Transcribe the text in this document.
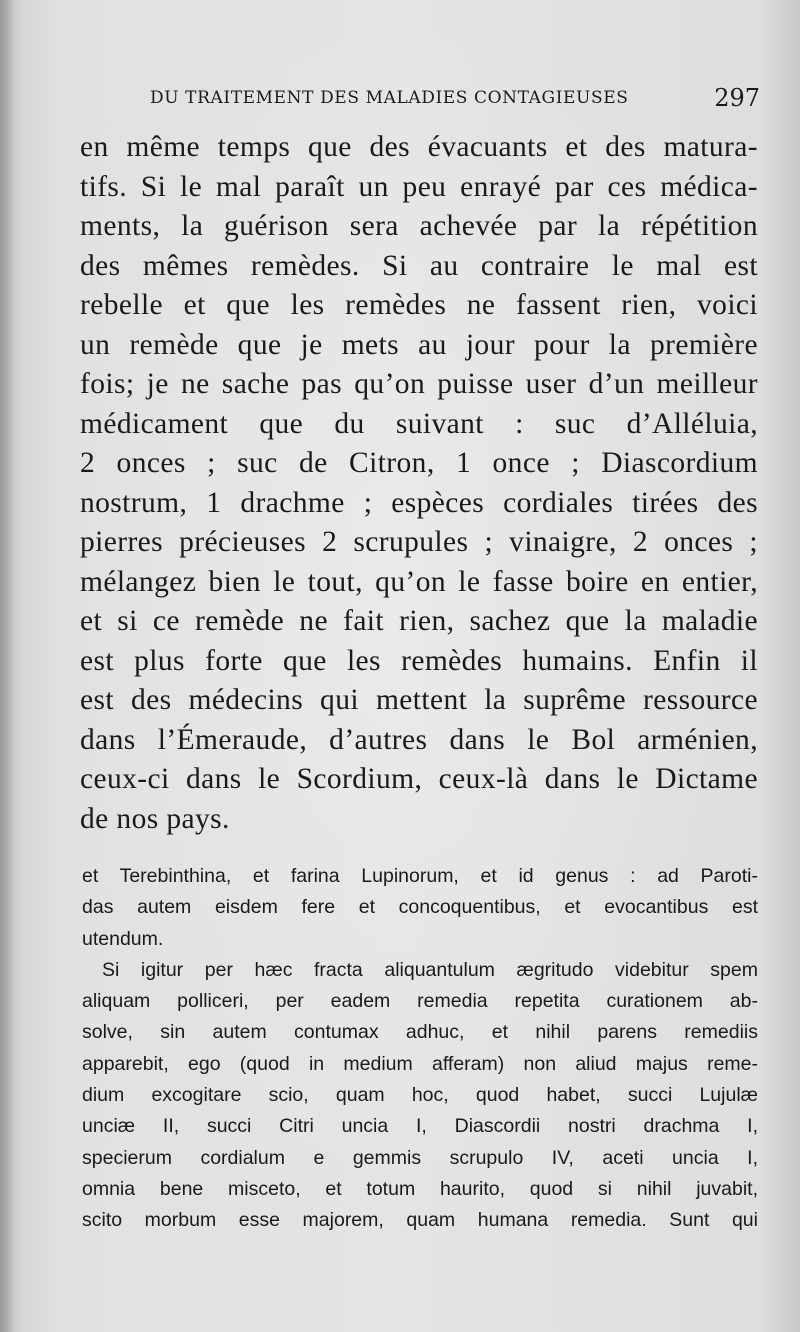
DU TRAITEMENT DES MALADIES CONTAGIEUSES	297
en même temps que des évacuants et des matura-
tifs. Si le mal paraît un peu enrayé par ces médica-
ments, la guérison sera achevée par la répétition
des mêmes remèdes. Si au contraire le mal est
rebelle et que les remèdes ne fassent rien, voici
un remède que je mets au jour pour la première
fois; je ne sache pas qu’on puisse user d’un meilleur
médicament que du suivant : suc d’Alléluia,
2 onces ; suc de Citron, 1 once ; Diascordium
nostrum, 1 drachme ; espèces cordiales tirées des
pierres précieuses 2 scrupules ; vinaigre, 2 onces ;
mélangez bien le tout, qu’on le fasse boire en entier,
et si ce remède ne fait rien, sachez que la maladie
est plus forte que les remèdes humains. Enfin il
est des médecins qui mettent la suprême ressource
dans l’Émeraude, d’autres dans le Bol arménien,
ceux-ci dans le Scordium, ceux-là dans le Dictame
de nos pays.
et Terebinthina, et farina Lupinorum, et id genus : ad Paroti-
das autem eisdem fere et concoquentibus, et evocantibus est
utendum.
Si igitur per hæc fracta aliquantulum ægritudo videbitur spem
aliquam polliceri, per eadem remedia repetita curationem ab-
solve, sin autem contumax adhuc, et nihil parens remediis
apparebit, ego (quod in medium afferam) non aliud majus reme-
dium excogitare scio, quam hoc, quod habet, succi Lujulæ
unciæ II, succi Citri uncia I, Diascordii nostri drachma I,
specierum cordialum e gemmis scrupulo IV, aceti uncia I,
omnia bene misceto, et totum haurito, quod si nihil juvabit,
scito morbum esse majorem, quam humana remedia. Sunt qui
